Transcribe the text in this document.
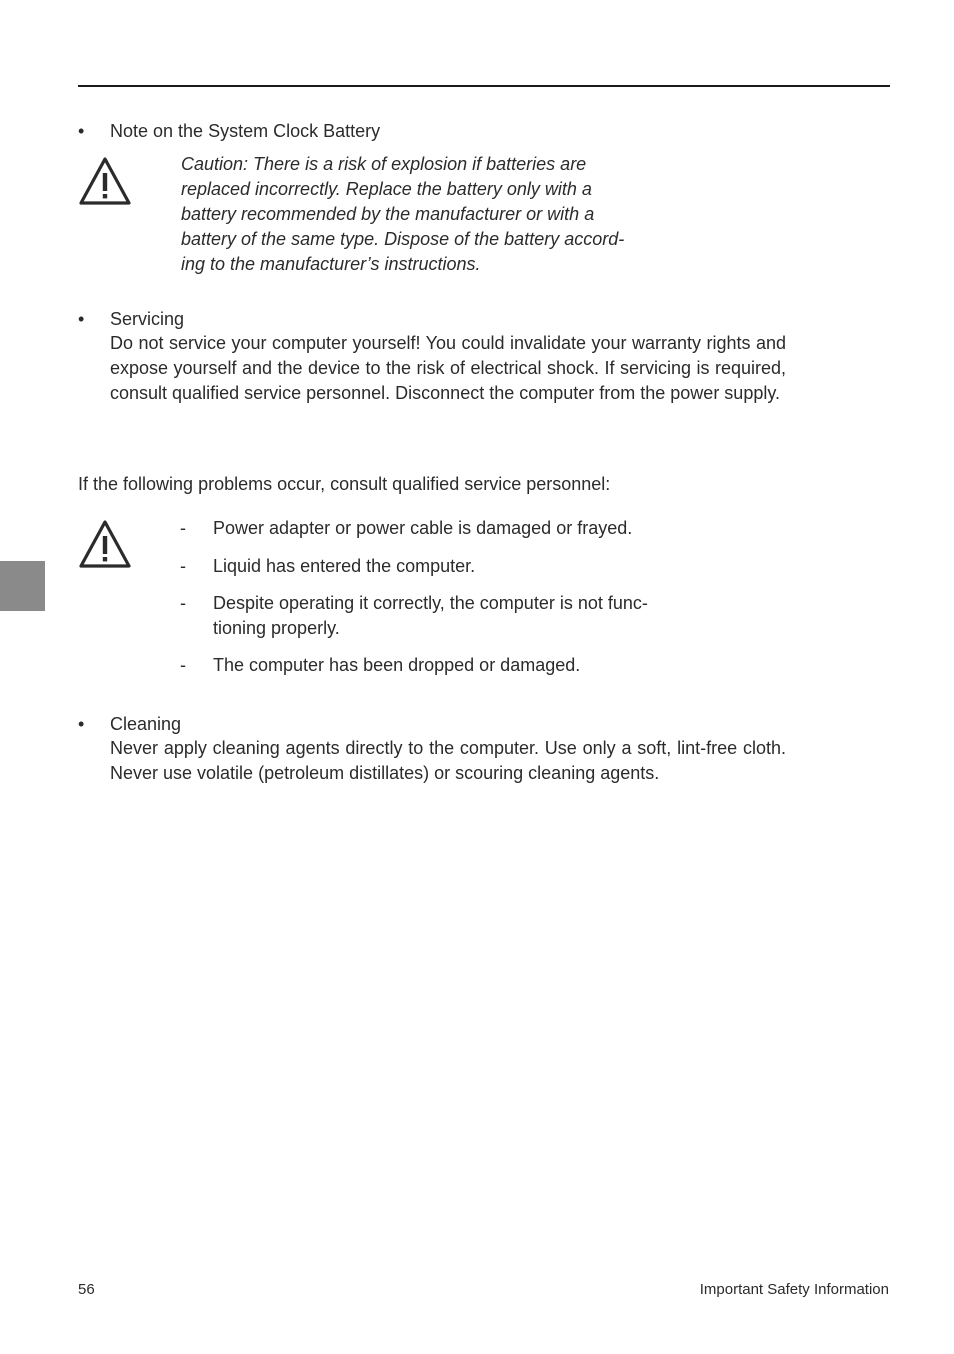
• Note on the System Clock Battery
Caution: There is a risk of explosion if batteries are
replaced incorrectly. Replace the battery only with a
battery recommended by the manufacturer or with a
battery of the same type. Dispose of the battery accord-
ing to the manufacturer’s instructions.
• Servicing
Do not service your computer yourself! You could invalidate your warranty rights and expose yourself and the device to the risk of electrical shock. If servicing is required, consult qualified service personnel. Disconnect the computer from the power supply.
If the following problems occur, consult qualified service personnel:
- Power adapter or power cable is damaged or frayed.
- Liquid has entered the computer.
- Despite operating it correctly, the computer is not func-
tioning properly.
- The computer has been dropped or damaged.
• Cleaning
Never apply cleaning agents directly to the computer. Use only a soft, lint-free cloth. Never use volatile (petroleum distillates) or scouring cleaning agents.
56	Important Safety Information
